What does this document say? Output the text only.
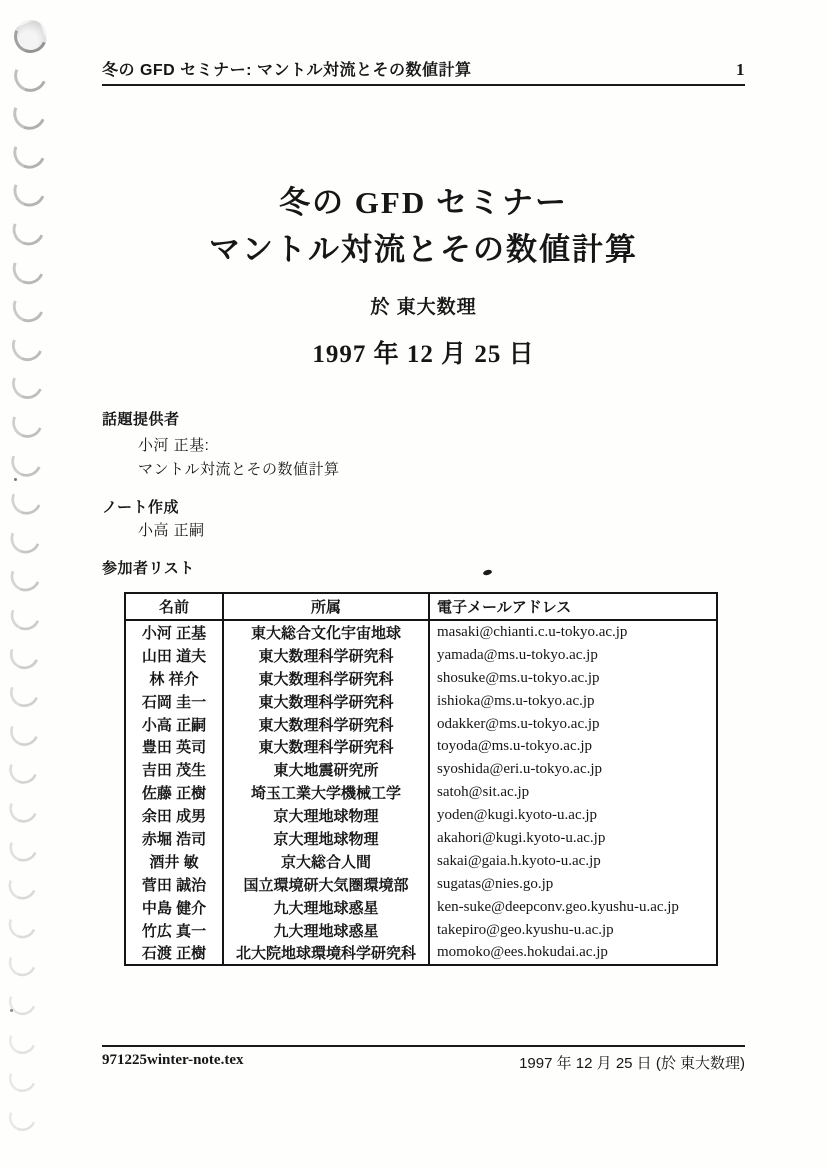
冬の GFD セミナー: マントル対流とその数値計算	1
冬の GFD セミナー
マントル対流とその数値計算
於 東大数理
1997 年 12 月 25 日
話題提供者
小河 正基:
マントル対流とその数値計算
ノート作成
小高 正嗣
参加者リスト
名前	所属	電子メールアドレス
小河 正基	東大総合文化宇宙地球	masaki@chianti.c.u-tokyo.ac.jp
山田 道夫	東大数理科学研究科	yamada@ms.u-tokyo.ac.jp
林 祥介	東大数理科学研究科	shosuke@ms.u-tokyo.ac.jp
石岡 圭一	東大数理科学研究科	ishioka@ms.u-tokyo.ac.jp
小高 正嗣	東大数理科学研究科	odakker@ms.u-tokyo.ac.jp
豊田 英司	東大数理科学研究科	toyoda@ms.u-tokyo.ac.jp
吉田 茂生	東大地震研究所	syoshida@eri.u-tokyo.ac.jp
佐藤 正樹	埼玉工業大学機械工学	satoh@sit.ac.jp
余田 成男	京大理地球物理	yoden@kugi.kyoto-u.ac.jp
赤堀 浩司	京大理地球物理	akahori@kugi.kyoto-u.ac.jp
酒井 敏	京大総合人間	sakai@gaia.h.kyoto-u.ac.jp
菅田 誠治	国立環境研大気圏環境部	sugatas@nies.go.jp
中島 健介	九大理地球惑星	ken-suke@deepconv.geo.kyushu-u.ac.jp
竹広 真一	九大理地球惑星	takepiro@geo.kyushu-u.ac.jp
石渡 正樹	北大院地球環境科学研究科	momoko@ees.hokudai.ac.jp
971225winter-note.tex	1997 年 12 月 25 日 (於 東大数理)
